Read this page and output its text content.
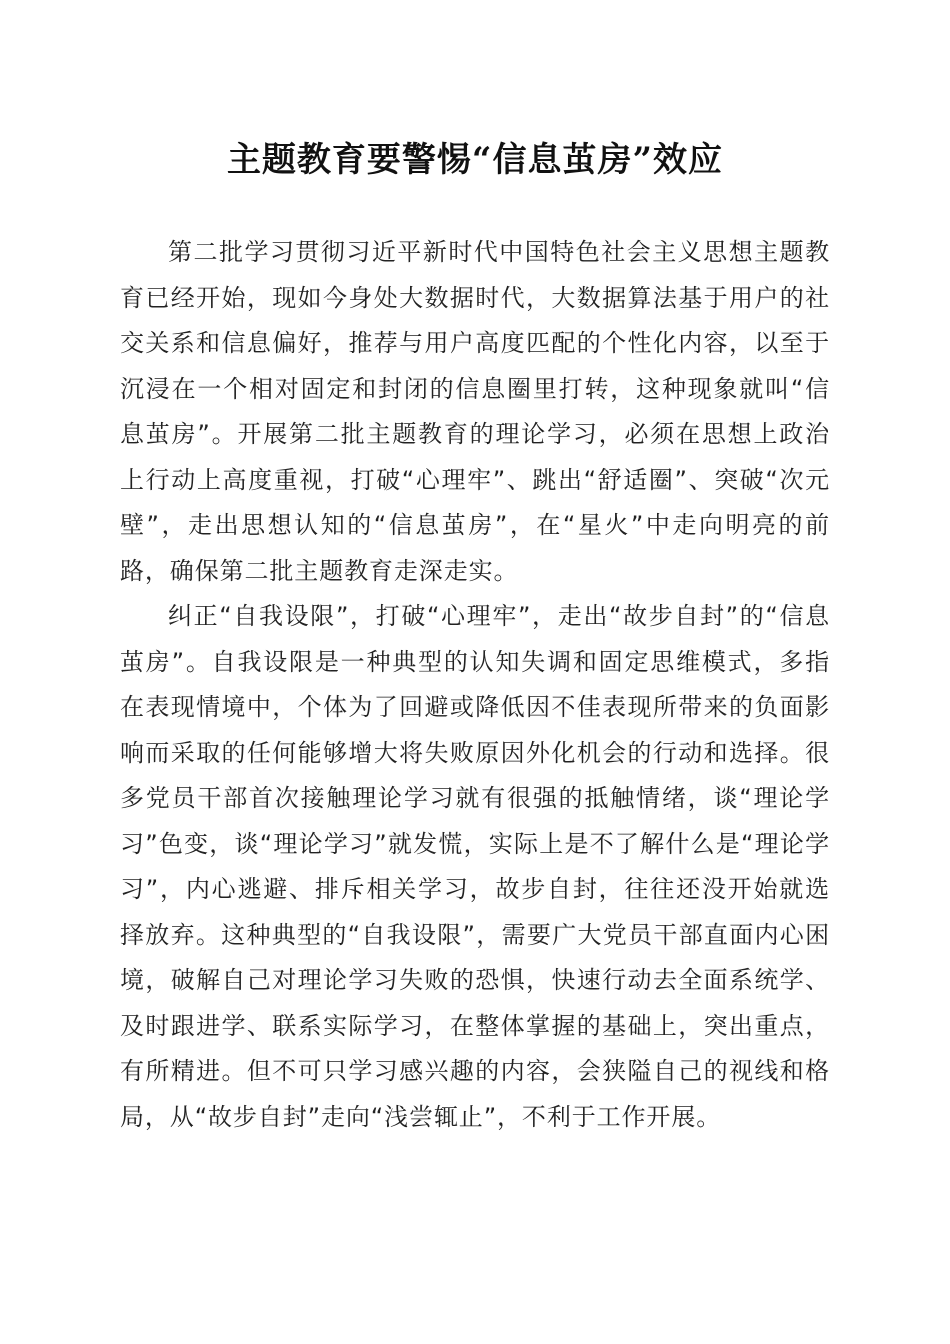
主题教育要警惕“信息茧房”效应

第二批学习贯彻习近平新时代中国特色社会主义思想主题教育已经开始，现如今身处大数据时代，大数据算法基于用户的社交关系和信息偏好，推荐与用户高度匹配的个性化内容，以至于沉浸在一个相对固定和封闭的信息圈里打转，这种现象就叫“信息茧房”。开展第二批主题教育的理论学习，必须在思想上政治上行动上高度重视，打破“心理牢”、跳出“舒适圈”、突破“次元壁”，走出思想认知的“信息茧房”，在“星火”中走向明亮的前路，确保第二批主题教育走深走实。

纠正“自我设限”，打破“心理牢”，走出“故步自封”的“信息茧房”。自我设限是一种典型的认知失调和固定思维模式，多指在表现情境中，个体为了回避或降低因不佳表现所带来的负面影响而采取的任何能够增大将失败原因外化机会的行动和选择。很多党员干部首次接触理论学习就有很强的抵触情绪，谈“理论学习”色变，谈“理论学习”就发慌，实际上是不了解什么是“理论学习”，内心逃避、排斥相关学习，故步自封，往往还没开始就选择放弃。这种典型的“自我设限”，需要广大党员干部直面内心困境，破解自己对理论学习失败的恐惧，快速行动去全面系统学、及时跟进学、联系实际学习，在整体掌握的基础上，突出重点，有所精进。但不可只学习感兴趣的内容，会狭隘自己的视线和格局，从“故步自封”走向“浅尝辄止”，不利于工作开展。
